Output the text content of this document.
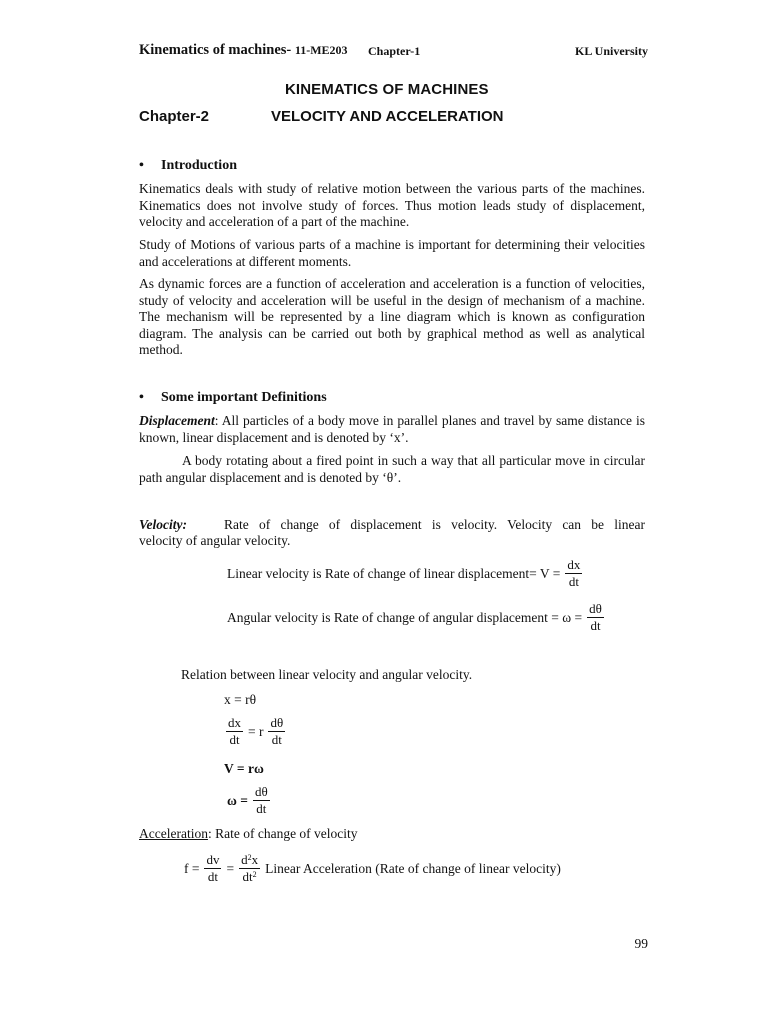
Kinematics of machines- 11-ME203 Chapter-1	KL University
KINEMATICS OF MACHINES
Chapter-2	VELOCITY AND ACCELERATION
• Introduction
Kinematics deals with study of relative motion between the various parts of the machines. Kinematics does not involve study of forces. Thus motion leads study of displacement, velocity and acceleration of a part of the machine.
Study of Motions of various parts of a machine is important for determining their velocities and accelerations at different moments.
As dynamic forces are a function of acceleration and acceleration is a function of velocities, study of velocity and acceleration will be useful in the design of mechanism of a machine. The mechanism will be represented by a line diagram which is known as configuration diagram. The analysis can be carried out both by graphical method as well as analytical method.
• Some important Definitions
Displacement: All particles of a body move in parallel planes and travel by same distance is known, linear displacement and is denoted by ‘x’.
A body rotating about a fired point in such a way that all particular move in circular path angular displacement and is denoted by ‘θ’.
Velocity:	Rate of change of displacement is velocity. Velocity can be linear
velocity of angular velocity.
Linear velocity is Rate of change of linear displacement= $V = \frac{dx}{dt}$
Angular velocity is Rate of change of angular displacement = $\omega = \frac{d\theta}{dt}$
Relation between linear velocity and angular velocity.
x = rθ
$\frac{dx}{dt} = r \frac{d\theta}{dt}$
V = rω
$\omega = \frac{d\theta}{dt}$
Acceleration: Rate of change of velocity
$f = \frac{dv}{dt} = \frac{d^2x}{dt^2}$ Linear Acceleration (Rate of change of linear velocity)
99
